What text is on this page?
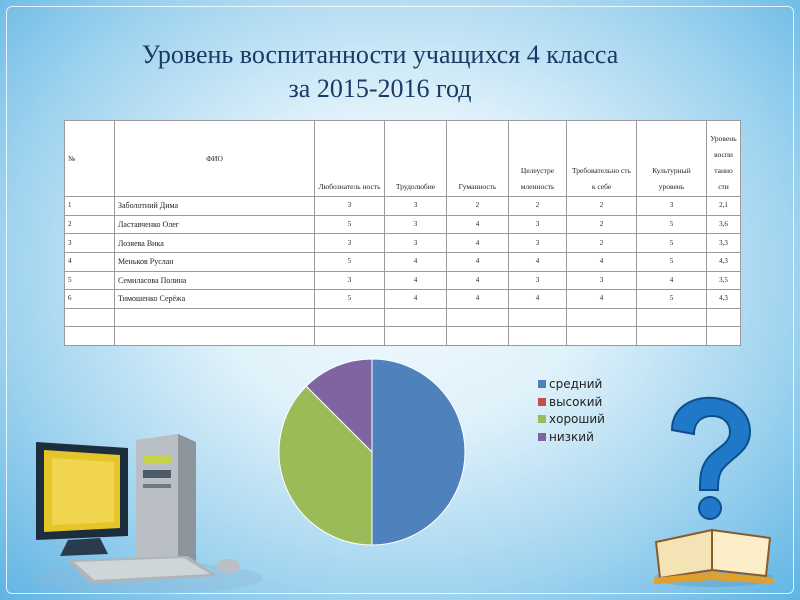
Уровень воспитанности учащихся 4 класса
за 2015-2016 год
№	ФИО	Любознатель ность	Трудолюбие	Гуманность	Целеустре мленность	Требовательно сть к себе	Культурный уровень	Уровень воспи танно сти
1	Заболотний Дима	3	3	2	2	2	3	2,1
2	Ластавченко Олег	5	3	4	3	2	5	3,6
3	Лозяева Вика	3	3	4	3	2	5	3,3
4	Меньков Руслан	5	4	4	4	4	5	4,3
5	Семиласова Полина	3	4	4	3	3	4	3,5
6	Тимошенко Серёжа	5	4	4	4	4	5	4,3

средний
высокий
хороший
низкий
